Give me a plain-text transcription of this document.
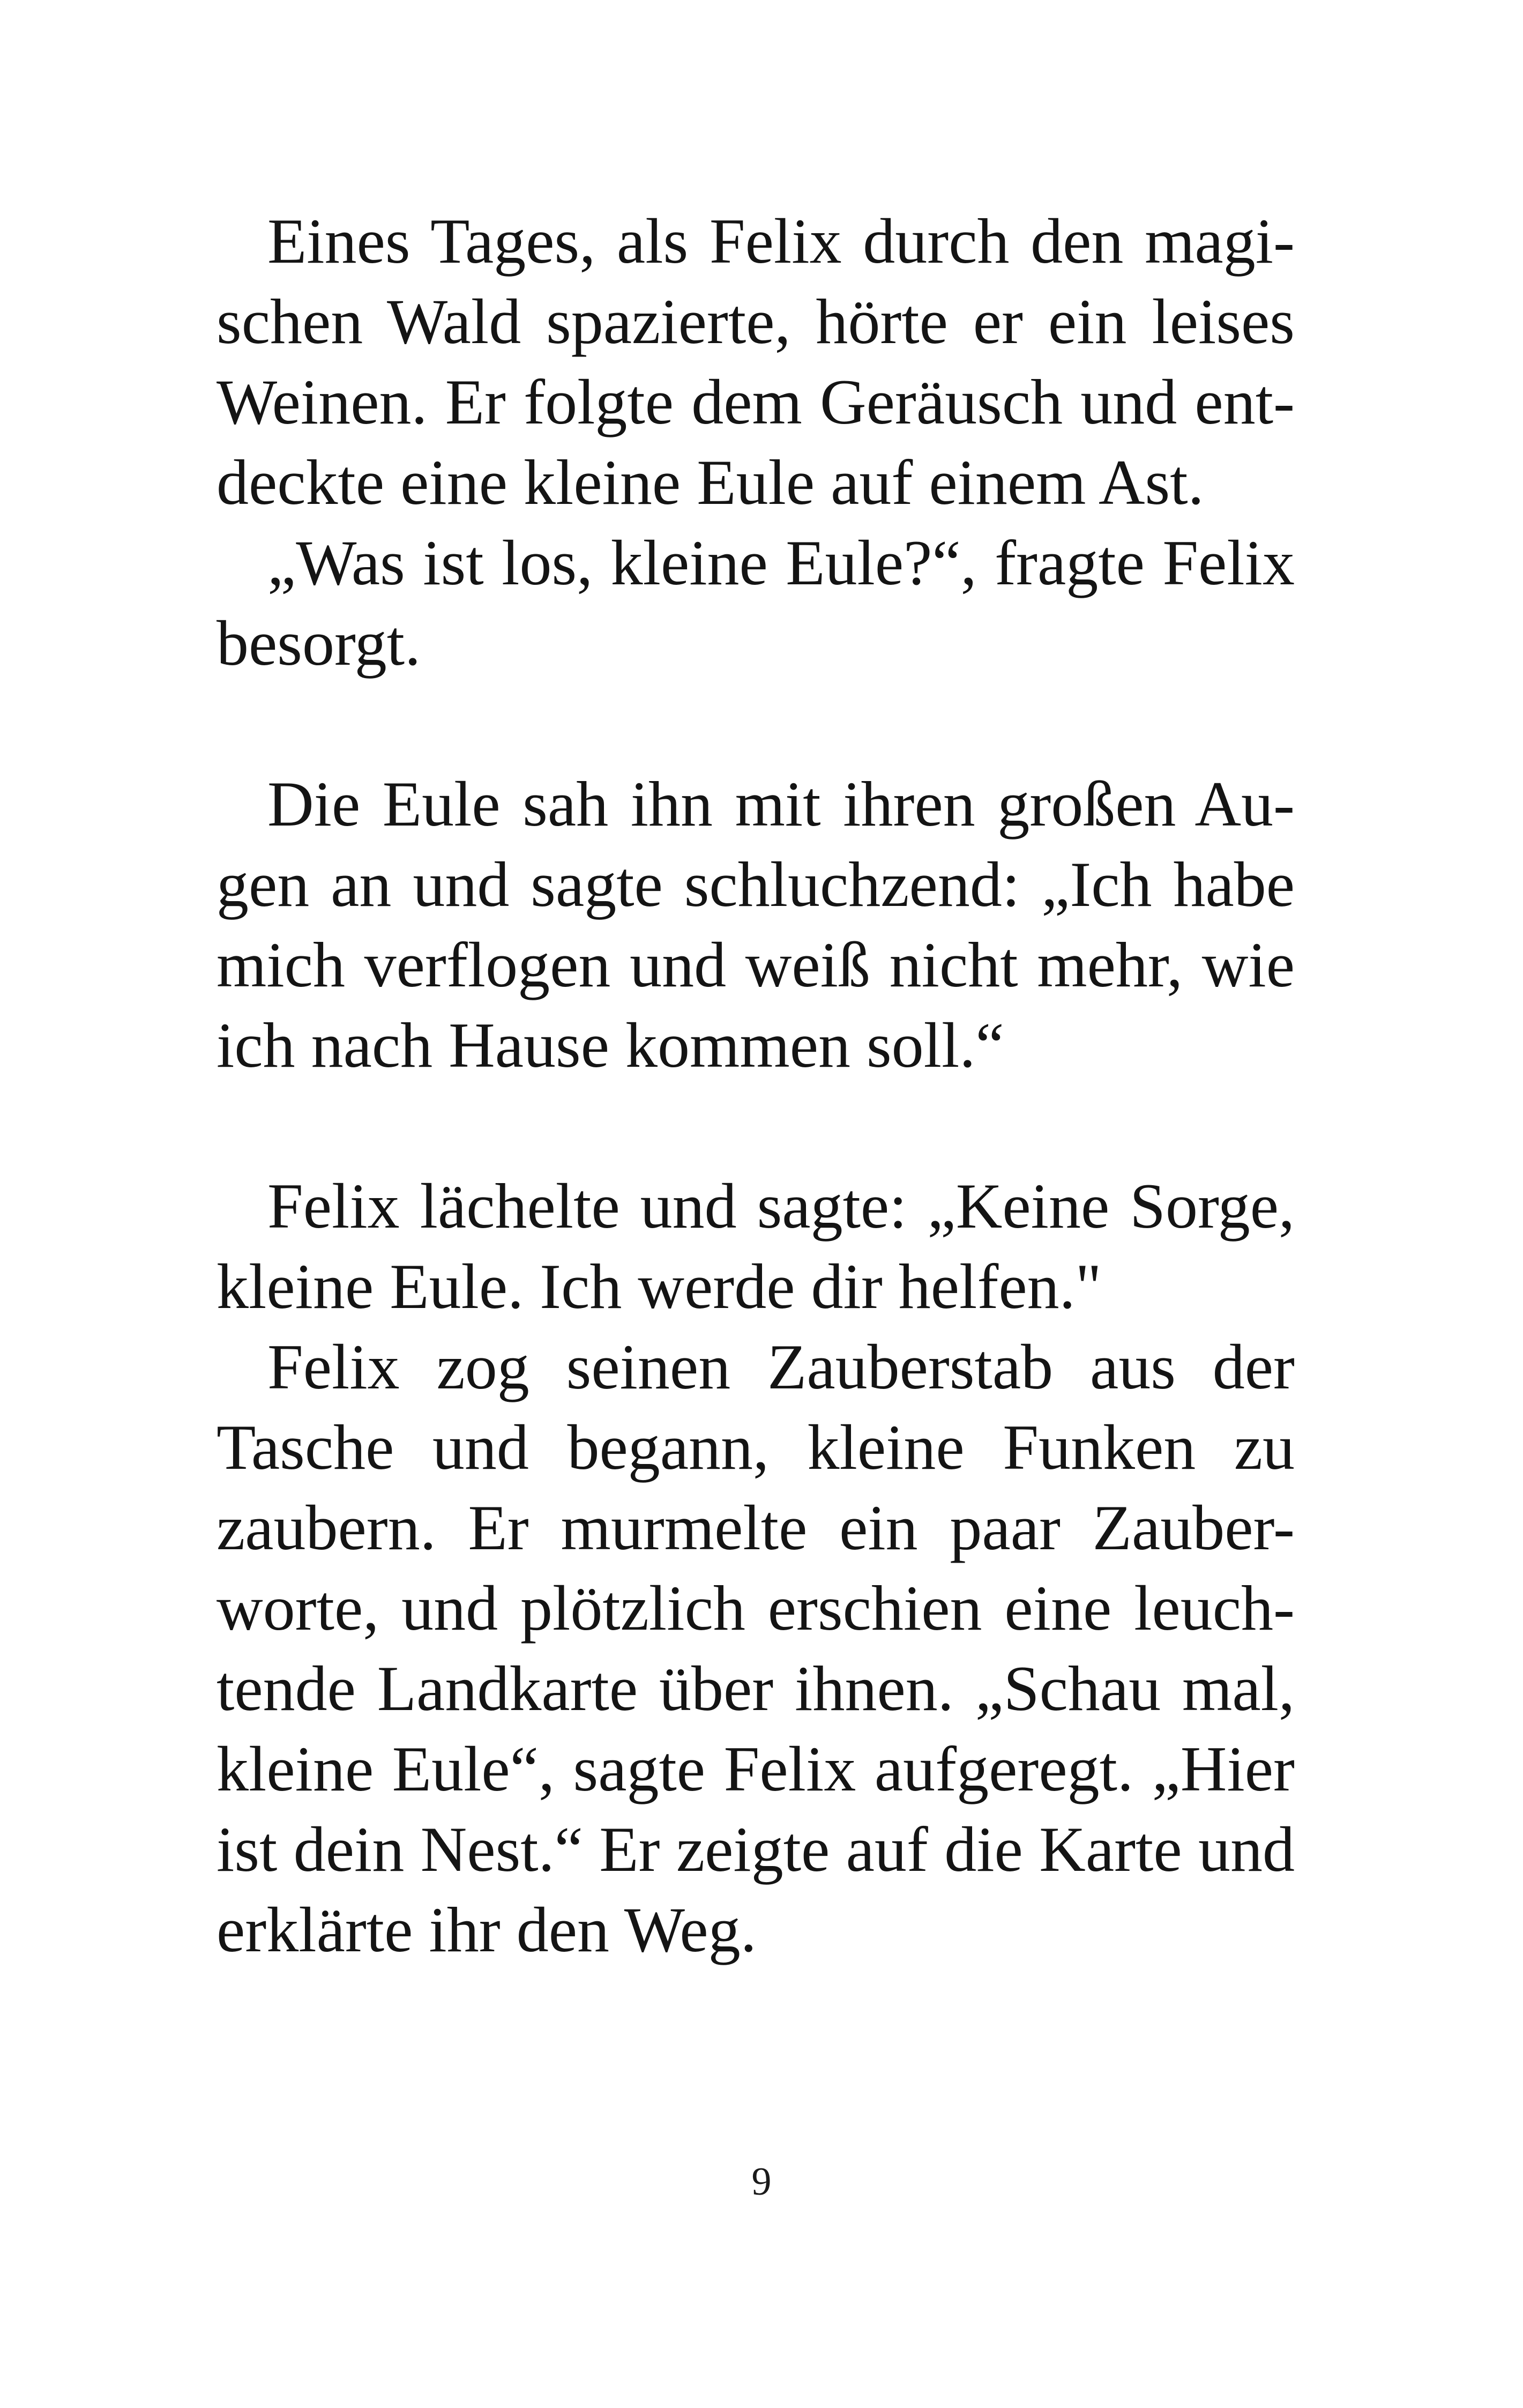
Eines Tages, als Felix durch den magi-
schen Wald spazierte, hörte er ein leises
Weinen. Er folgte dem Geräusch und ent-
deckte eine kleine Eule auf einem Ast.
„Was ist los, kleine Eule?“, fragte Felix
besorgt.
Die Eule sah ihn mit ihren großen Au-
gen an und sagte schluchzend: „Ich habe
mich verflogen und weiß nicht mehr, wie
ich nach Hause kommen soll.“
Felix lächelte und sagte: „Keine Sorge,
kleine Eule. Ich werde dir helfen."
Felix zog seinen Zauberstab aus der
Tasche und begann, kleine Funken zu
zaubern. Er murmelte ein paar Zauber-
worte, und plötzlich erschien eine leuch-
tende Landkarte über ihnen. „Schau mal,
kleine Eule“, sagte Felix aufgeregt. „Hier
ist dein Nest.“ Er zeigte auf die Karte und
erklärte ihr den Weg.
9
